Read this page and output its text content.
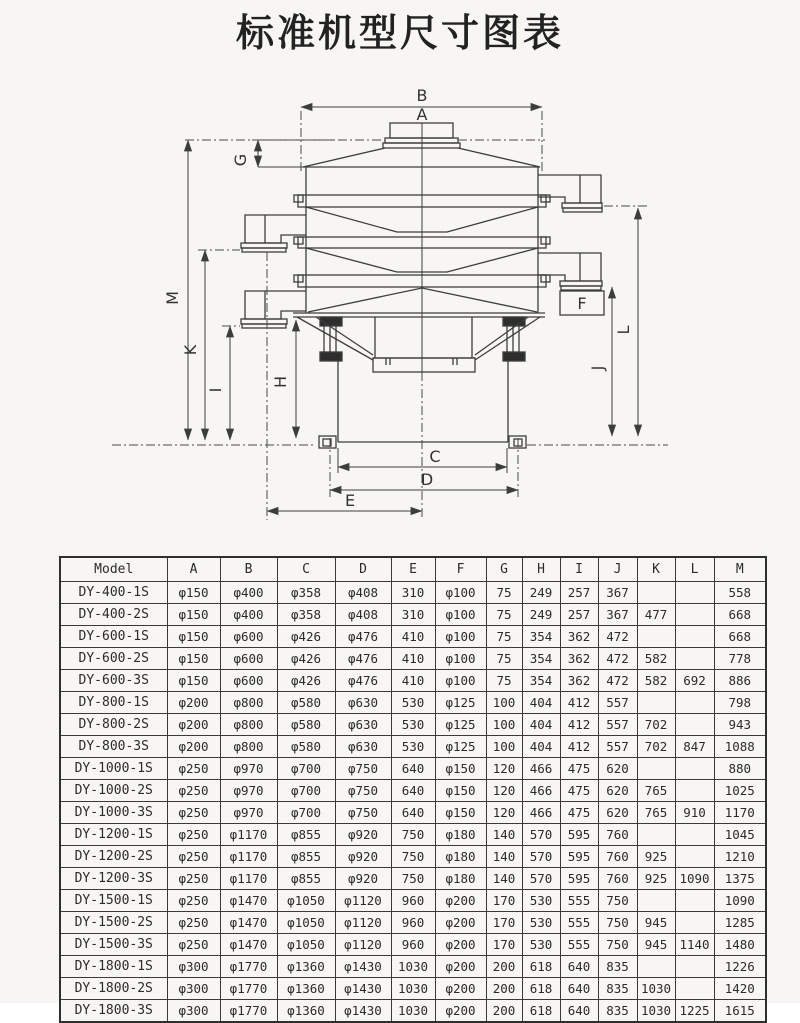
标准机型尺寸图表
B
A
G
M
K
I
H
J
L
F
C
D
E
Model	A	B	C	D	E	F	G	H	I	J	K	L	M
DY-400-1S	φ150	φ400	φ358	φ408	310	φ100	75	249	257	367			558
DY-400-2S	φ150	φ400	φ358	φ408	310	φ100	75	249	257	367	477		668
DY-600-1S	φ150	φ600	φ426	φ476	410	φ100	75	354	362	472			668
DY-600-2S	φ150	φ600	φ426	φ476	410	φ100	75	354	362	472	582		778
DY-600-3S	φ150	φ600	φ426	φ476	410	φ100	75	354	362	472	582	692	886
DY-800-1S	φ200	φ800	φ580	φ630	530	φ125	100	404	412	557			798
DY-800-2S	φ200	φ800	φ580	φ630	530	φ125	100	404	412	557	702		943
DY-800-3S	φ200	φ800	φ580	φ630	530	φ125	100	404	412	557	702	847	1088
DY-1000-1S	φ250	φ970	φ700	φ750	640	φ150	120	466	475	620			880
DY-1000-2S	φ250	φ970	φ700	φ750	640	φ150	120	466	475	620	765		1025
DY-1000-3S	φ250	φ970	φ700	φ750	640	φ150	120	466	475	620	765	910	1170
DY-1200-1S	φ250	φ1170	φ855	φ920	750	φ180	140	570	595	760			1045
DY-1200-2S	φ250	φ1170	φ855	φ920	750	φ180	140	570	595	760	925		1210
DY-1200-3S	φ250	φ1170	φ855	φ920	750	φ180	140	570	595	760	925	1090	1375
DY-1500-1S	φ250	φ1470	φ1050	φ1120	960	φ200	170	530	555	750			1090
DY-1500-2S	φ250	φ1470	φ1050	φ1120	960	φ200	170	530	555	750	945		1285
DY-1500-3S	φ250	φ1470	φ1050	φ1120	960	φ200	170	530	555	750	945	1140	1480
DY-1800-1S	φ300	φ1770	φ1360	φ1430	1030	φ200	200	618	640	835			1226
DY-1800-2S	φ300	φ1770	φ1360	φ1430	1030	φ200	200	618	640	835	1030		1420
DY-1800-3S	φ300	φ1770	φ1360	φ1430	1030	φ200	200	618	640	835	1030	1225	1615
